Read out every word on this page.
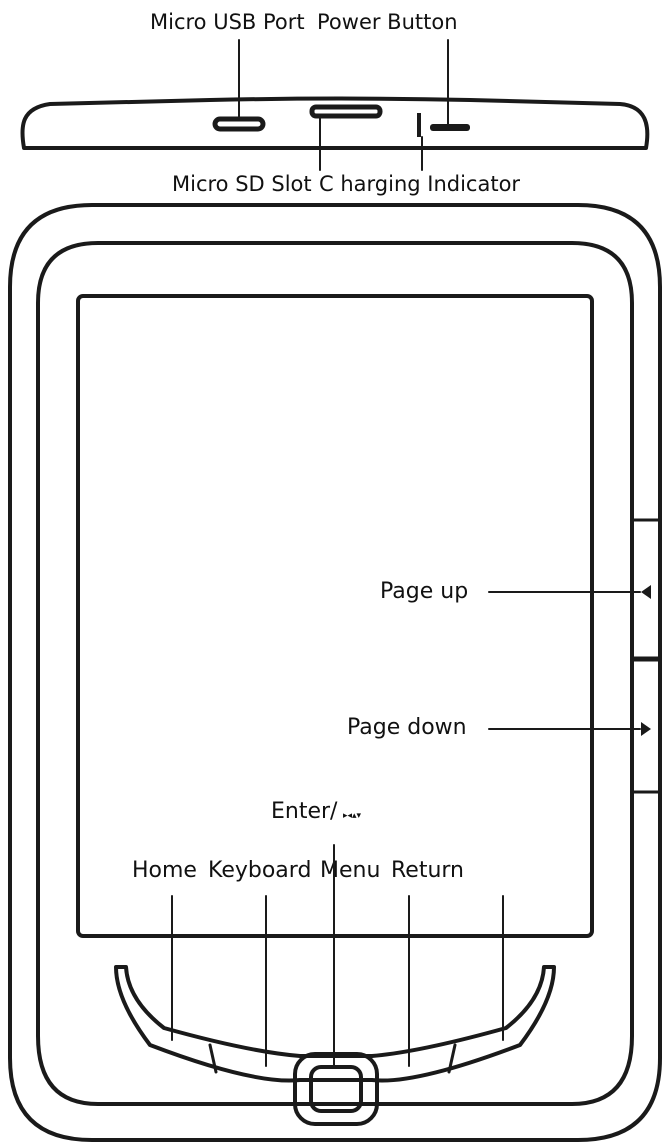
Micro USB Port Power Button
Micro SD Slot C harging Indicator
Page up
Page down
Enter/ ▸◂▴▾
Home Keyboard Menu Return
